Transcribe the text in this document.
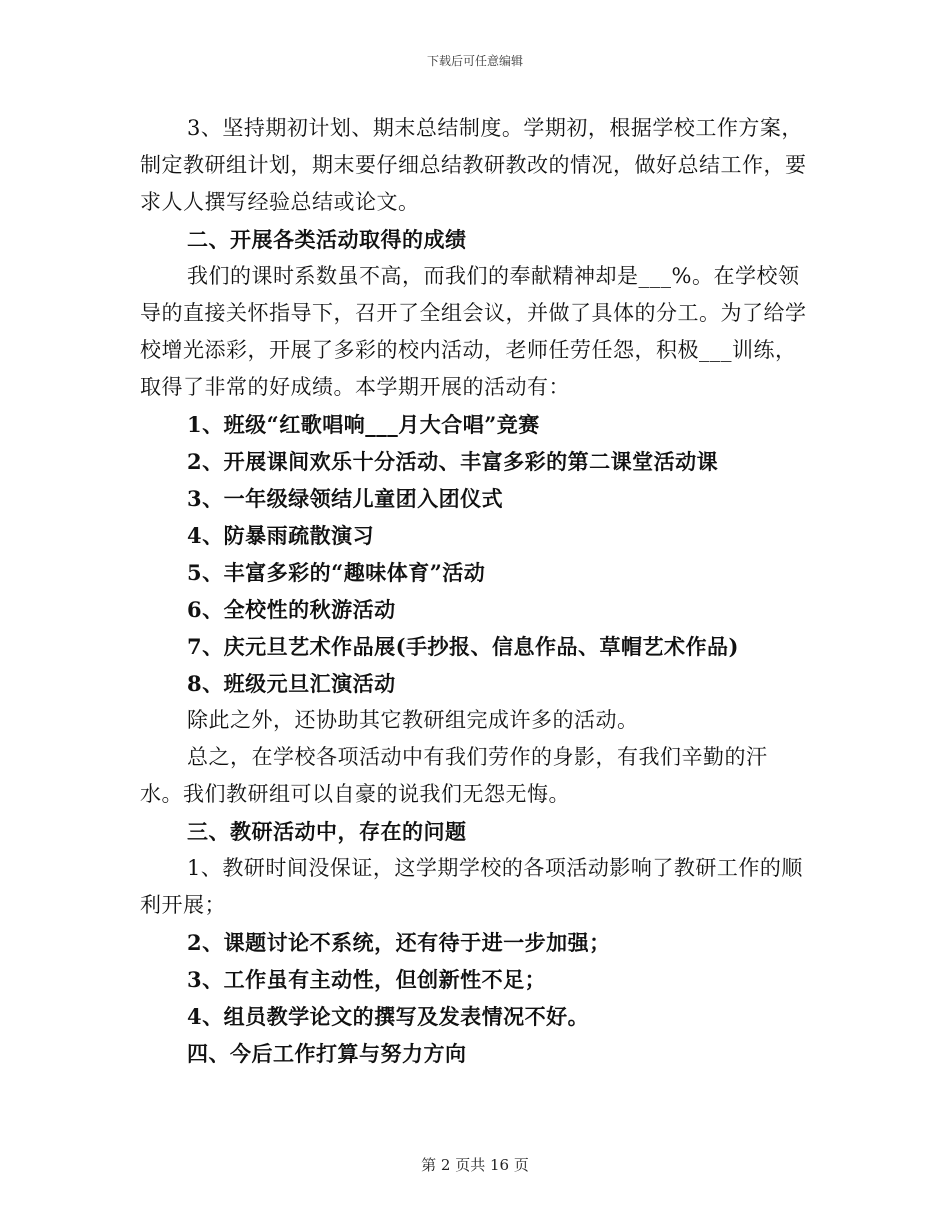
下载后可任意编辑

3、坚持期初计划、期末总结制度。学期初，根据学校工作方案，制定教研组计划，期末要仔细总结教研教改的情况，做好总结工作，要求人人撰写经验总结或论文。

二、开展各类活动取得的成绩

我们的课时系数虽不高，而我们的奉献精神却是___%。在学校领导的直接关怀指导下，召开了全组会议，并做了具体的分工。为了给学校增光添彩，开展了多彩的校内活动，老师任劳任怨，积极___训练，取得了非常的好成绩。本学期开展的活动有：

1、班级“红歌唱响___月大合唱”竞赛

2、开展课间欢乐十分活动、丰富多彩的第二课堂活动课

3、一年级绿领结儿童团入团仪式

4、防暴雨疏散演习

5、丰富多彩的“趣味体育”活动

6、全校性的秋游活动

7、庆元旦艺术作品展(手抄报、信息作品、草帽艺术作品)

8、班级元旦汇演活动

除此之外，还协助其它教研组完成许多的活动。

总之，在学校各项活动中有我们劳作的身影，有我们辛勤的汗水。我们教研组可以自豪的说我们无怨无悔。

三、教研活动中，存在的问题

1、教研时间没保证，这学期学校的各项活动影响了教研工作的顺利开展；

2、课题讨论不系统，还有待于进一步加强；

3、工作虽有主动性，但创新性不足；

4、组员教学论文的撰写及发表情况不好。

四、今后工作打算与努力方向

第 2 页共 16 页
